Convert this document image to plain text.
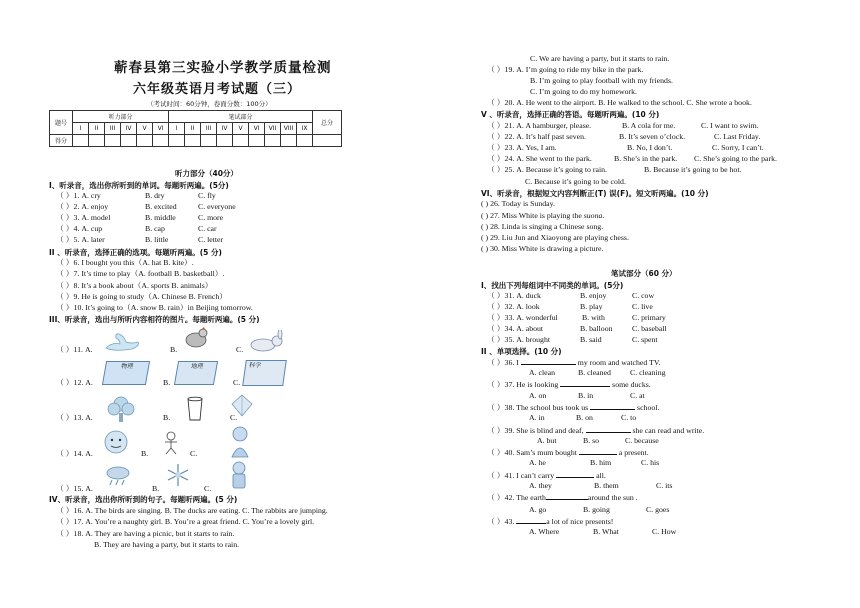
蕲春县第三实验小学教学质量检测
六年级英语月考试题（三）
（考试时间：60分钟，卷面分数：100分）
题号	听力部分						笔试部分									总分
	I	II	III	IV	V	VI	I	II	III	IV	V	VI	VII	VIII	IX	
得分																
听力部分（40分）
I、听录音，选出你所听到的单词。每题听两遍。(5分)
（ ）1. A. cry	B. dry	C. fly
（ ）2. A. enjoy	B. excited	C. everyone
（ ）3. A. model	B. middle	C. more
（ ）4. A. cup	B. cap	C. car
（ ）5. A. later	B. little	C. letter
II 、听录音，选择正确的选项。每题听两遍。(5 分)
（ ）6. I bought you this（A. hat B. kite）.
（ ）7. It’s time to play（A. football B. basketball）.
（ ）8. It’s a book about（A. sports B. animals）
（ ）9. He is going to study（A. Chinese B. French）
（ ）10. It’s going to（A. snow B. rain）in Beijing tomorrow.
III、听录音，选出与所听内容相符的图片。每题听两遍。(5 分)
（ ）11. A.	B.	C.
（ ）12. A.
物理
B.
地理
C.
科学
（ ）13. A.	B.	C.
（ ）14. A.	B.	C.
（ ）15. A.	B.	C.
IV、听录音，选出你所听到的句子。每题听两遍。(5 分)
（ ）16. A. The birds are singing. B. The ducks are eating. C. The rabbits are jumping.
（ ）17. A. You’re a naughty girl. B. You’re a great friend. C. You’re a lovely girl.
（ ）18. A. They are having a picnic, but it starts to rain.
B. They are having a party, but it starts to rain.
C. We are having a party, but it starts to rain.
（ ）19. A. I’m going to ride my bike in the park.
B. I’m going to play football with my friends.
C. I’m going to do my homework.
（ ）20. A. He went to the airport. B. He walked to the school. C. She wrote a book.
V 、听录音，选择正确的答语。每题听两遍。(10 分)
（ ）21. A. A hamburger, please.	B. A cola for me.	C. I want to swim.
（ ）22. A. It’s half past seven.	B. It’s seven o’clock.	C. Last Friday.
（ ）23. A. Yes, I am.	B. No, I don’t.	C. Sorry, I can’t.
（ ）24. A. She went to the park.	B. She’s in the park. C. She’s going to the park.
（ ）25. A. Because it’s going to rain.	B. Because it’s going to be hot.
C. Because it’s going to be cold.
VI、听录音，根据短文内容判断正(T) 误(F)。短文听两遍。(10 分)
( ) 26. Today is Sunday.
( ) 27. Miss White is playing the suona.
( ) 28. Linda is singing a Chinese song.
( ) 29. Liu Jun and Xiaoyong are playing chess.
( ) 30. Miss White is drawing a picture.
笔试部分（60 分）
I、找出下列每组词中不同类的单词。(5分)
（ ）31. A. duck	B. enjoy	C. cow
（ ）32. A. look	B. play	C. live
（ ）33. A. wonderful	B. with	C. primary
（ ）34. A. about	B. balloon	C. baseball
（ ）35. A. brought	B. said	C. spent
II 、单项选择。(10 分)
（ ）36. I	my room and watched TV.
A. clean	B. cleaned C. cleaning
（ ）37. He is looking	some ducks.
A. on	B. in	C. at
（ ）38. The school bus took us	school.
A. in	B. on	C. to
（ ）39. She is blind and deaf,	she can read and write.
A. but	B. so	C. because
（ ）40. Sam’s mum bought	a present.
A. he	B. him	C. his
（ ）41. I can’t carry	all.
A. they	B. them	C. its
（ ）42. The earth	around the sun .
A. go	B. going	C. goes
（ ）43.	a lot of nice presents!
A. Where	B. What	C. How
